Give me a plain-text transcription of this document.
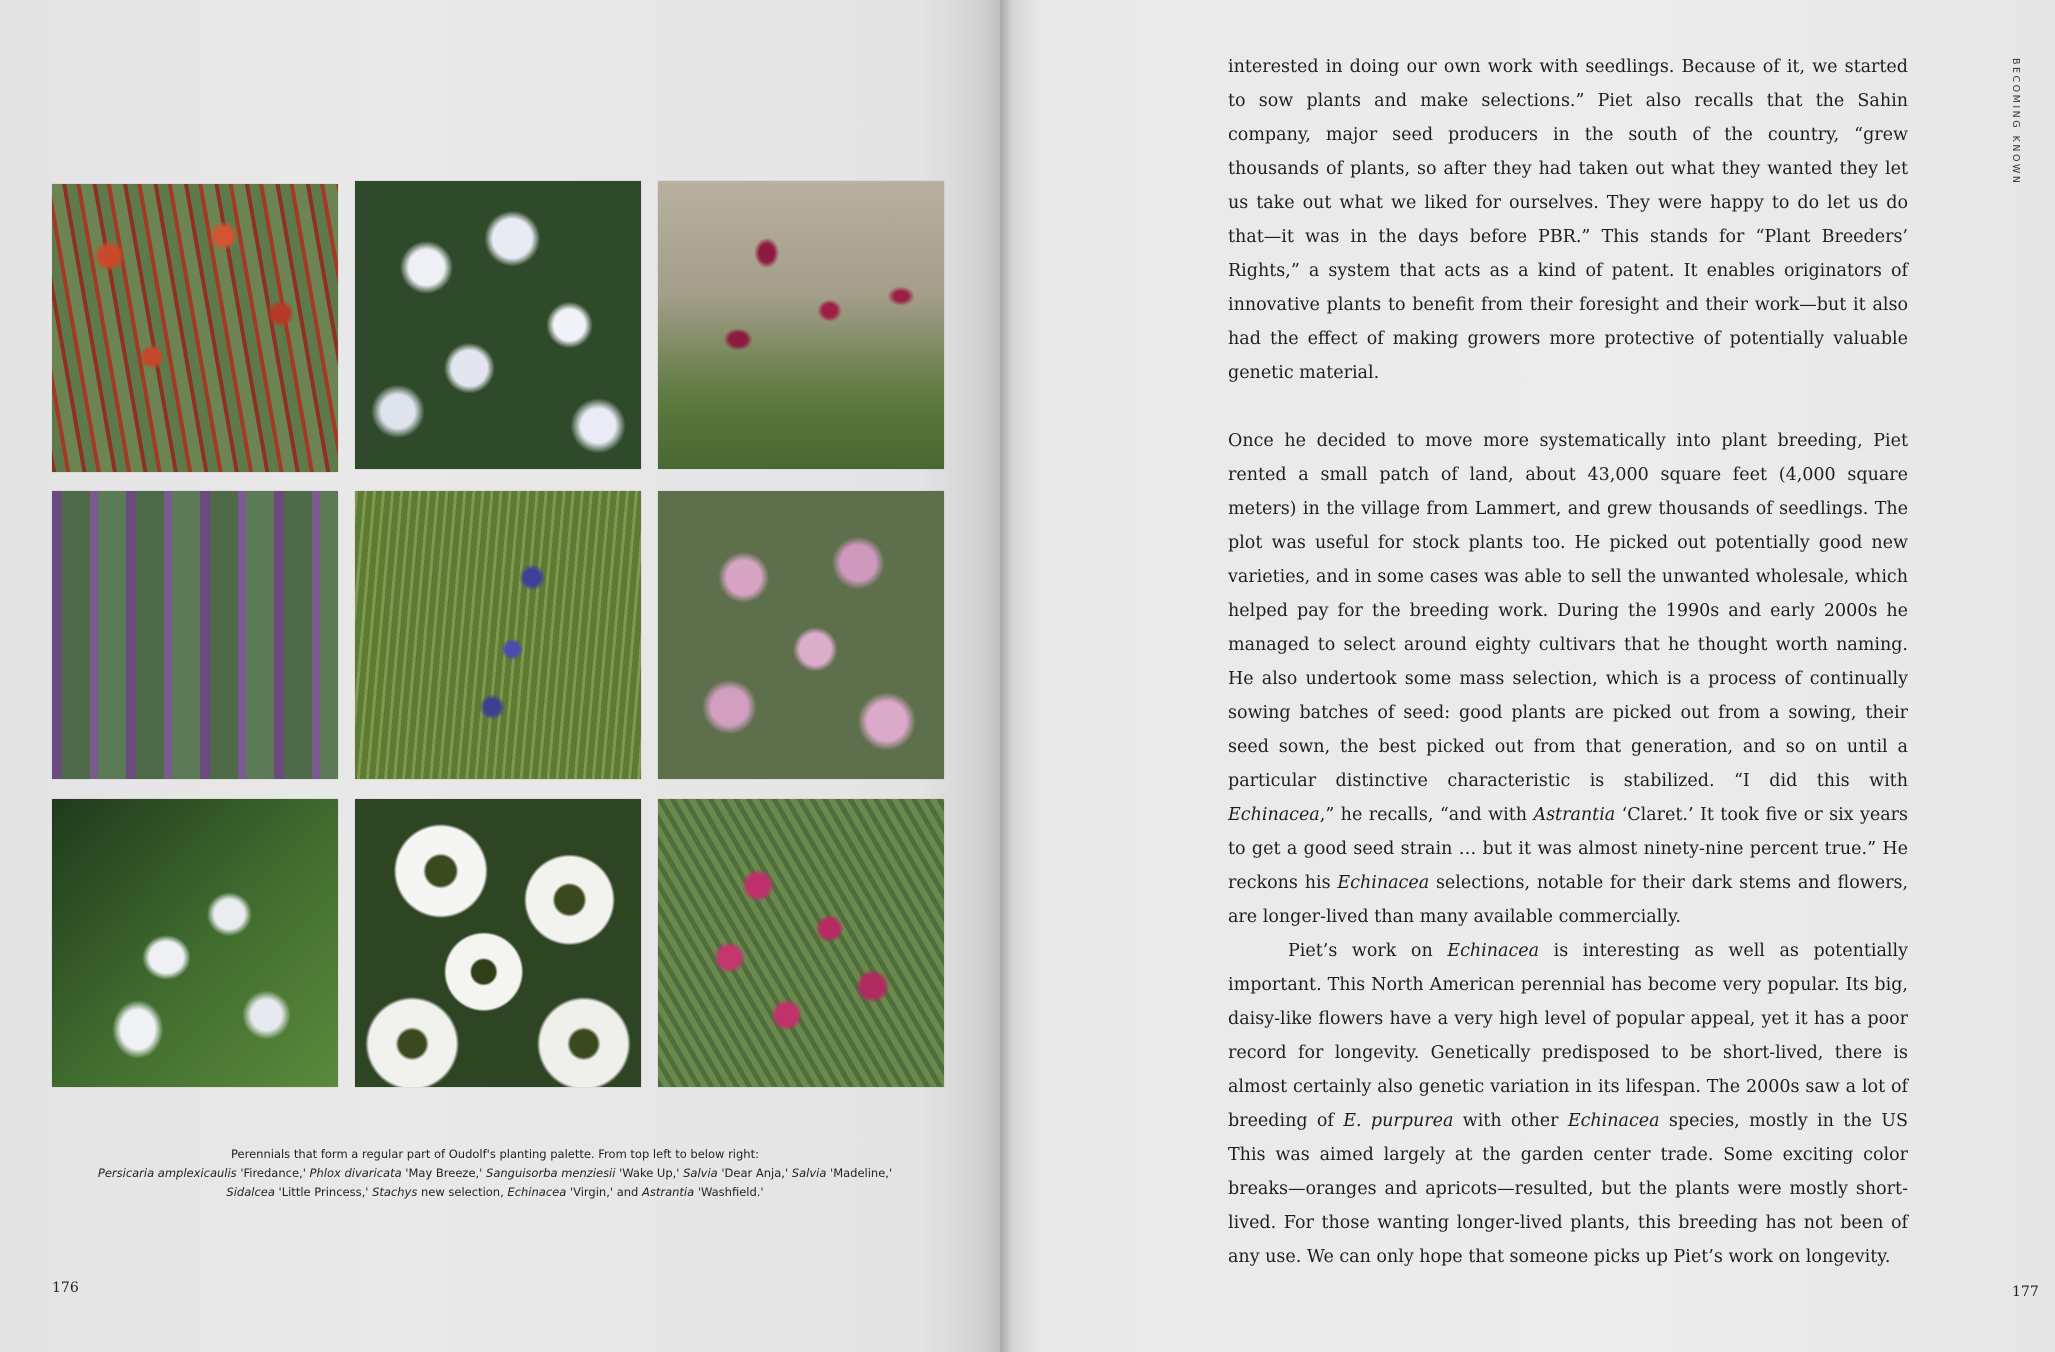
Perennials that form a regular part of Oudolf's planting palette. From top left to below right:
Persicaria amplexicaulis 'Firedance,' Phlox divaricata 'May Breeze,' Sanguisorba menziesii 'Wake Up,' Salvia 'Dear Anja,' Salvia 'Madeline,'
Sidalcea 'Little Princess,' Stachys new selection, Echinacea 'Virgin,' and Astrantia 'Washfield.'
176
BECOMING KNOWN

interested in doing our own work with seedlings. Because of it, we started to sow plants and make selections.” Piet also recalls that the Sahin company, major seed producers in the south of the country, “grew thousands of plants, so after they had taken out what they wanted they let us take out what we liked for ourselves. They were happy to do let us do that—it was in the days before PBR.” This stands for “Plant Breeders’ Rights,” a system that acts as a kind of patent. It enables originators of innovative plants to benefit from their foresight and their work—but it also had the effect of making growers more protective of potentially valuable genetic material.

Once he decided to move more systematically into plant breeding, Piet rented a small patch of land, about 43,000 square feet (4,000 square meters) in the village from Lammert, and grew thousands of seedlings. The plot was useful for stock plants too. He picked out potentially good new varieties, and in some cases was able to sell the unwanted wholesale, which helped pay for the breeding work. During the 1990s and early 2000s he managed to select around eighty cultivars that he thought worth naming. He also undertook some mass selection, which is a process of continually sowing batches of seed: good plants are picked out from a sowing, their seed sown, the best picked out from that generation, and so on until a particular distinctive characteristic is stabilized. “I did this with Echinacea,” he recalls, “and with Astrantia ‘Claret.’ It took five or six years to get a good seed strain … but it was almost ninety-nine percent true.” He reckons his Echinacea selections, notable for their dark stems and flowers, are longer-lived than many available commercially.

Piet’s work on Echinacea is interesting as well as potentially important. This North American perennial has become very popular. Its big, daisy-like flowers have a very high level of popular appeal, yet it has a poor record for longevity. Genetically predisposed to be short-lived, there is almost certainly also genetic variation in its lifespan. The 2000s saw a lot of breeding of E. purpurea with other Echinacea species, mostly in the US This was aimed largely at the garden center trade. Some exciting color breaks—oranges and apricots—resulted, but the plants were mostly short-lived. For those wanting longer-lived plants, this breeding has not been of any use. We can only hope that someone picks up Piet’s work on longevity.

177
